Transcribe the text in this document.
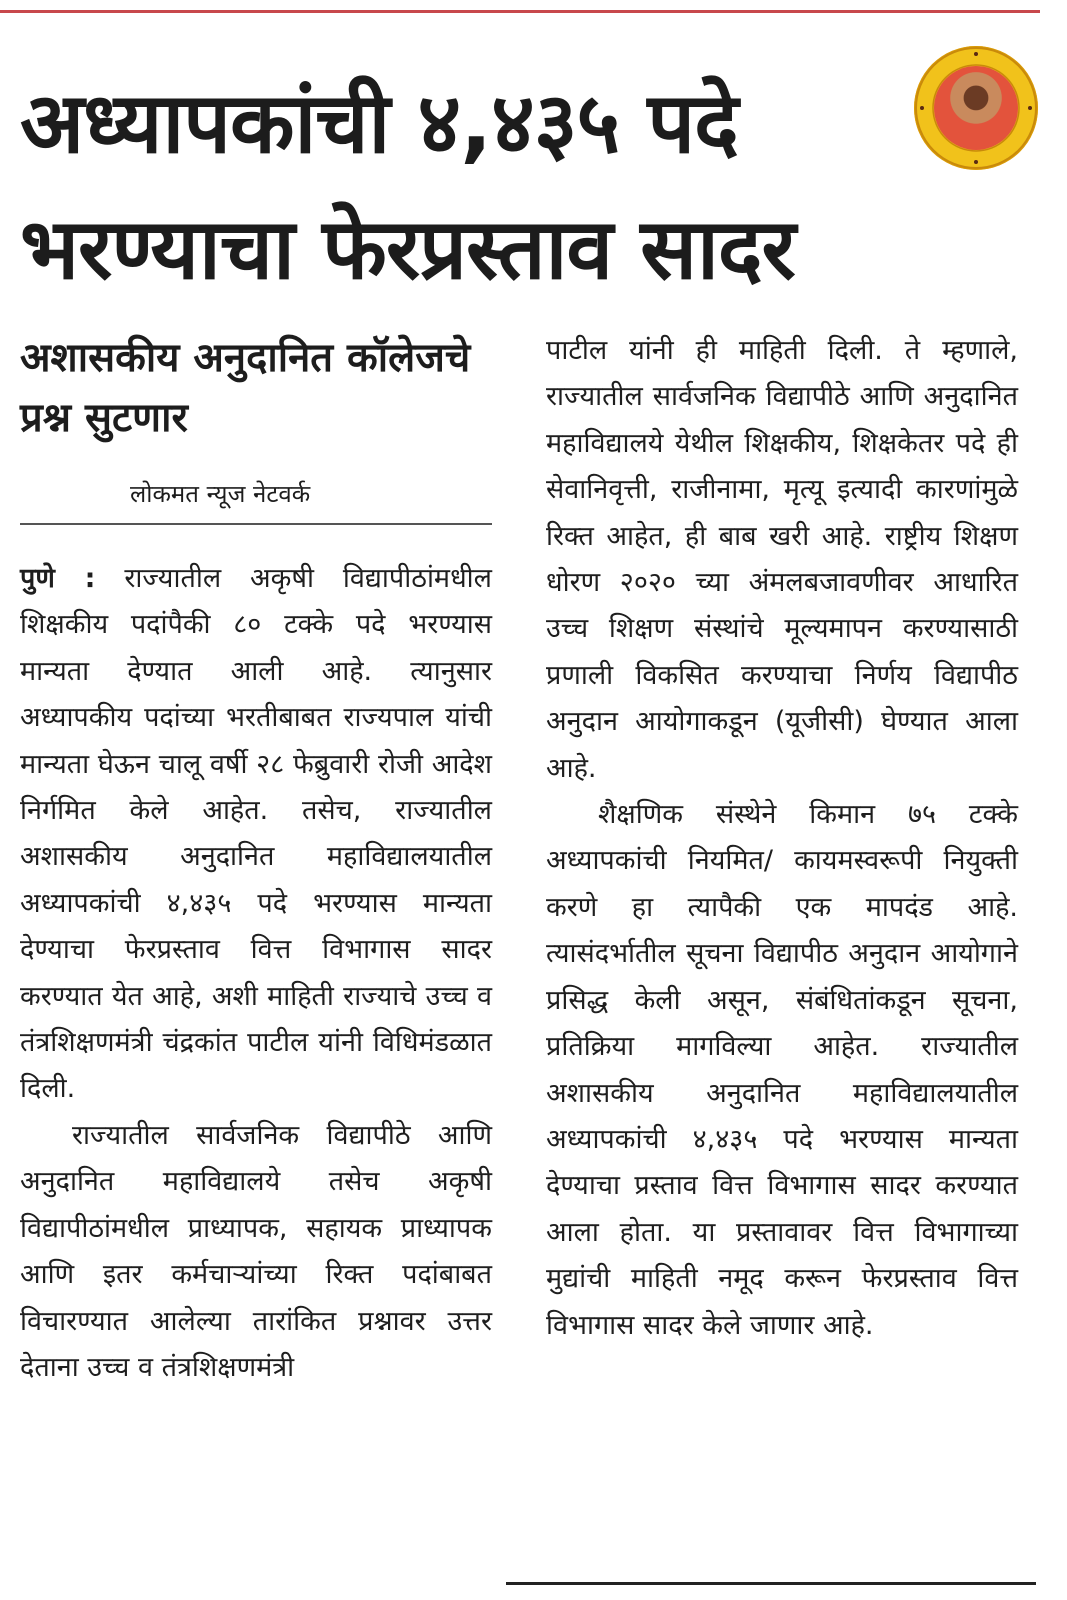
अध्यापकांची ४,४३५ पदे भरण्याचा फेरप्रस्ताव सादर
अशासकीय अनुदानित कॉलेजचे प्रश्न सुटणार
लोकमत न्यूज नेटवर्क

पुणे : राज्यातील अकृषी विद्यापीठांमधील शिक्षकीय पदांपैकी ८० टक्के पदे भरण्यास मान्यता देण्यात आली आहे. त्यानुसार अध्यापकीय पदांच्या भरतीबाबत राज्यपाल यांची मान्यता घेऊन चालू वर्षी २८ फेब्रुवारी रोजी आदेश निर्गमित केले आहेत. तसेच, राज्यातील अशासकीय अनुदानित महाविद्यालयातील अध्यापकांची ४,४३५ पदे भरण्यास मान्यता देण्याचा फेरप्रस्ताव वित्त विभागास सादर करण्यात येत आहे, अशी माहिती राज्याचे उच्च व तंत्रशिक्षणमंत्री चंद्रकांत पाटील यांनी विधिमंडळात दिली.

राज्यातील सार्वजनिक विद्यापीठे आणि अनुदानित महाविद्यालये तसेच अकृषी विद्यापीठांमधील प्राध्यापक, सहायक प्राध्यापक आणि इतर कर्मचाऱ्यांच्या रिक्त पदांबाबत विचारण्यात आलेल्या तारांकित प्रश्नावर उत्तर देताना उच्च व तंत्रशिक्षणमंत्री

पाटील यांनी ही माहिती दिली. ते म्हणाले, राज्यातील सार्वजनिक विद्यापीठे आणि अनुदानित महाविद्यालये येथील शिक्षकीय, शिक्षकेतर पदे ही सेवानिवृत्ती, राजीनामा, मृत्यू इत्यादी कारणांमुळे रिक्त आहेत, ही बाब खरी आहे. राष्ट्रीय शिक्षण धोरण २०२० च्या अंमलबजावणीवर आधारित उच्च शिक्षण संस्थांचे मूल्यमापन करण्यासाठी प्रणाली विकसित करण्याचा निर्णय विद्यापीठ अनुदान आयोगाकडून (यूजीसी) घेण्यात आला आहे.

शैक्षणिक संस्थेने किमान ७५ टक्के अध्यापकांची नियमित/ कायमस्वरूपी नियुक्ती करणे हा त्यापैकी एक मापदंड आहे. त्यासंदर्भातील सूचना विद्यापीठ अनुदान आयोगाने प्रसिद्ध केली असून, संबंधितांकडून सूचना, प्रतिक्रिया मागविल्या आहेत. राज्यातील अशासकीय अनुदानित महाविद्यालयातील अध्यापकांची ४,४३५ पदे भरण्यास मान्यता देण्याचा प्रस्ताव वित्त विभागास सादर करण्यात आला होता. या प्रस्तावावर वित्त विभागाच्या मुद्यांची माहिती नमूद करून फेरप्रस्ताव वित्त विभागास सादर केले जाणार आहे.
